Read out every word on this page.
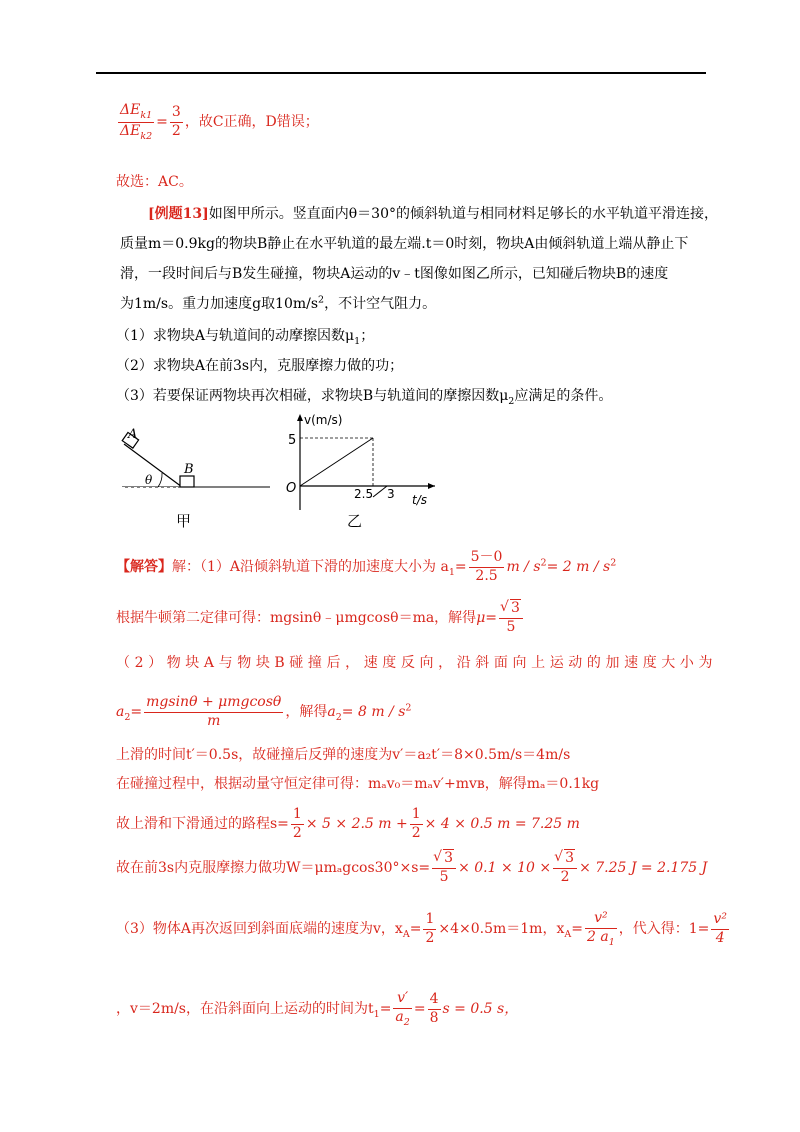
$\frac{\Delta E_{k1}}{\Delta E_{k2}} = \frac{3}{2}$ ，故C正确，D错误；
故选：AC。
[例题13]如图甲所示。竖直面内θ＝30°的倾斜轨道与相同材料足够长的水平轨道平滑连接，
质量m＝0.9kg的物块B静止在水平轨道的最左端.t＝0时刻，物块A由倾斜轨道上端从静止下
滑，一段时间后与B发生碰撞，物块A运动的v﹣t图像如图乙所示，已知碰后物块B的速度
为1m/s。重力加速度g取$10m/s^2$，不计空气阻力。
（1）求物块A与轨道间的动摩擦因数$\mu_1$；
（2）求物块A在前3s内，克服摩擦力做的功；
（3）若要保证两物块再次相碰，求物块B与轨道间的摩擦因数$\mu_2$应满足的条件。
A
B
θ
甲
v(m/s)
5
O	2.5 3 t/s
乙
【解答】解：（1）A沿倾斜轨道下滑的加速度大小为 $a_1= \frac{5-0}{2.5}$ $m / s^2= 2$ m / $s^2$
根据牛顿第二定律可得：mgsinθ﹣μmgcosθ＝ma，解得μ= √ $\frac{3}{5}$
（2）物块A与物块B碰撞后，速度反向，沿斜面向上运动的加速度大小为
$a_2= \frac{\text{mgsinθ + μmgcosθ}}{m}$ ，解得$a_2= 8$ m / $s^2$
上滑的时间t′＝0.5s，故碰撞后反弹的速度为v′＝a₂t′＝8×0.5m/s＝4m/s
在碰撞过程中，根据动量守恒定律可得：mₐv₀＝mₐv′+mvʙ，解得mₐ＝0.1kg
故上滑和下滑通过的路程$s= \frac{1}{2} \times 5 \times 2.5$ $m + \frac{1}{2} \times 4 \times 0.5$ m = 7.25 m
故在前3s内克服摩擦力做功W＝μmₐgcos30°×s= √ $\frac{3}{5} \times 0.1 \times 10$ × √ $\frac{3}{2} \times 7.25$ J = 2.175 J
（3）物体A再次返回到斜面底端的速度为v，$x_A= \frac{1}{2} \times 4\times 0.5m=1m$，$x_A= \frac{\text{v²}}{2 a_1}$ ，代入得：$1= \frac{\text{v²}}{4}$
，v＝2m/s，在沿斜面向上运动的时间为$t_1= \frac{v'}{a_2} = \frac{4}{8}$ s = 0.5 s，
